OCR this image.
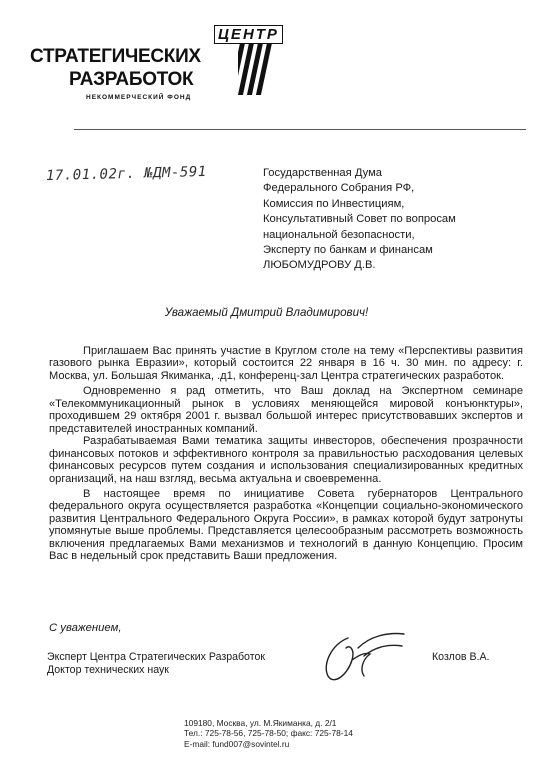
ЦЕНТР
СТРАТЕГИЧЕСКИХ
РАЗРАБОТОК
НЕКОММЕРЧЕСКИЙ ФОНД
17.01.02г. №ДМ-591	Государственная Дума
Федерального Собрания РФ,
Комиссия по Инвестициям,
Консультативный Совет по вопросам
национальной безопасности,
Эксперту по банкам и финансам
ЛЮБОМУДРОВУ Д.В.
Уважаемый Дмитрий Владимирович!

Приглашаем Вас принять участие в Круглом столе на тему «Перспективы развития газового рынка Евразии», который состоится 22 января в 16 ч. 30 мин. по адресу: г. Москва, ул. Большая Якиманка, .д1, конференц-зал Центра стратегических разработок.

Одновременно я рад отметить, что Ваш доклад на Экспертном семинаре «Телекоммуникационный рынок в условиях меняющейся мировой конъюнктуры», проходившем 29 октября 2001 г. вызвал большой интерес присутствовавших экспертов и представителей иностранных компаний.

Разрабатываемая Вами тематика защиты инвесторов, обеспечения прозрачности финансовых потоков и эффективного контроля за правильностью расходования целевых финансовых ресурсов путем создания и использования специализированных кредитных организаций, на наш взгляд, весьма актуальна и своевременна.

В настоящее время по инициативе Совета губернаторов Центрального федерального округа осуществляется разработка «Концепции социально-экономического развития Центрального Федерального Округа России», в рамках которой будут затронуты упомянутые выше проблемы. Представляется целесообразным рассмотреть возможность включения предлагаемых Вами механизмов и технологий в данную Концепцию. Просим Вас в недельный срок представить Ваши предложения.

С уважением,
Эксперт Центра Стратегических Разработок
Доктор технических наук
Козлов В.А.
109180, Москва, ул. М.Якиманка, д. 2/1
Тел.: 725-78-56, 725-78-50; факс: 725-78-14
E-mail: fund007@sovintel.ru
